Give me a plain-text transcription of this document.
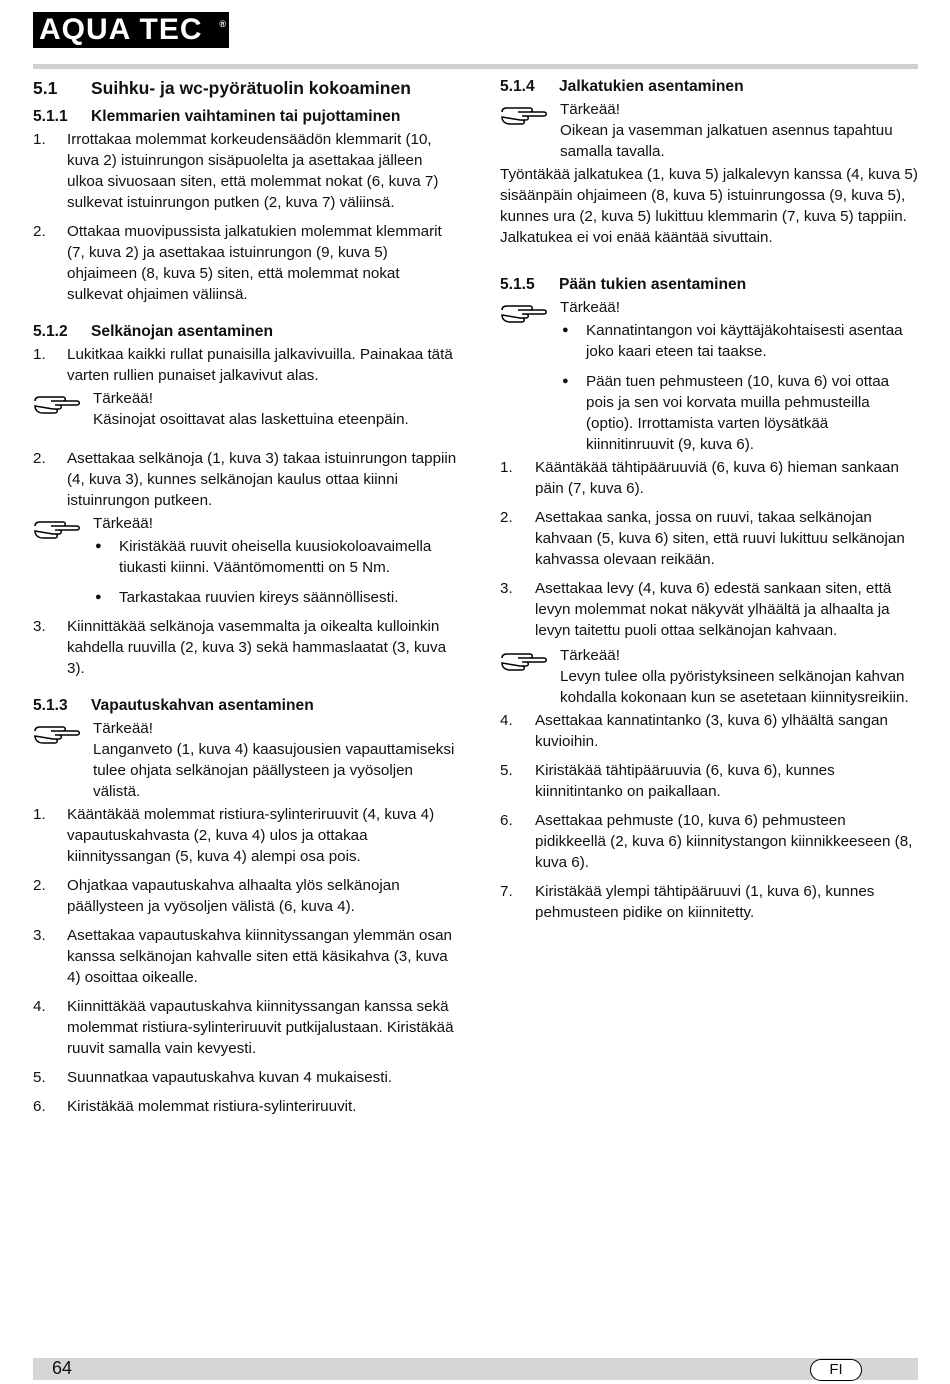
AQUA TEC ®
5.1	Suihku- ja wc-pyörätuolin kokoaminen
5.1.1	Klemmarien vaihtaminen tai pujottaminen
1.	Irrottakaa molemmat korkeudensäädön klemmarit (10, kuva 2) istuinrungon sisäpuolelta ja asettakaa jälleen ulkoa sivuosaan siten, että molemmat nokat (6, kuva 7) sulkevat istuinrungon putken (2, kuva 7) väliinsä.
2.	Ottakaa muovipussista jalkatukien molemmat klemmarit (7, kuva 2) ja asettakaa istuinrungon (9, kuva 5) ohjaimeen (8, kuva 5) siten, että molemmat nokat sulkevat ohjaimen väliinsä.
5.1.2	Selkänojan asentaminen
1.	Lukitkaa kaikki rullat punaisilla jalkavivuilla. Painakaa tätä varten rullien punaiset jalkavivut alas.
Tärkeää!
Käsinojat osoittavat alas laskettuina eteenpäin.
2.	Asettakaa selkänoja (1, kuva 3) takaa istuinrungon tappiin (4, kuva 3), kunnes selkänojan kaulus ottaa kiinni istuinrungon putkeen.
Tärkeää!
●	Kiristäkää ruuvit oheisella kuusiokoloavaimella tiukasti kiinni. Vääntömomentti on 5 Nm.
●	Tarkastakaa ruuvien kireys säännöllisesti.
3.	Kiinnittäkää selkänoja vasemmalta ja oikealta kulloinkin kahdella ruuvilla (2, kuva 3) sekä hammaslaatat (3, kuva 3).
5.1.3	Vapautuskahvan asentaminen
Tärkeää!
Langanveto (1, kuva 4) kaasujousien vapauttamiseksi tulee ohjata selkänojan päällysteen ja vyösoljen välistä.
1.	Kääntäkää molemmat ristiura-sylinteriruuvit (4, kuva 4) vapautuskahvasta (2, kuva 4) ulos ja ottakaa kiinnityssangan (5, kuva 4) alempi osa pois.
2.	Ohjatkaa vapautuskahva alhaalta ylös selkänojan päällysteen ja vyösoljen välistä (6, kuva 4).
3.	Asettakaa vapautuskahva kiinnityssangan ylemmän osan kanssa selkänojan kahvalle siten että käsikahva (3, kuva 4) osoittaa oikealle.
4.	Kiinnittäkää vapautuskahva kiinnityssangan kanssa sekä molemmat ristiura-sylinteriruuvit putkijalustaan. Kiristäkää ruuvit samalla vain kevyesti.
5.	Suunnatkaa vapautuskahva kuvan 4 mukaisesti.
6.	Kiristäkää molemmat ristiura-sylinteriruuvit.
5.1.4	Jalkatukien asentaminen
Tärkeää!
Oikean ja vasemman jalkatuen asennus tapahtuu samalla tavalla.
Työntäkää jalkatukea (1, kuva 5) jalkalevyn kanssa (4, kuva 5) sisäänpäin ohjaimeen (8, kuva 5) istuinrungossa (9, kuva 5), kunnes ura (2, kuva 5) lukittuu klemmarin (7, kuva 5) tappiin. Jalkatukea ei voi enää kääntää sivuttain.
5.1.5	Pään tukien asentaminen
Tärkeää!
●	Kannatintangon voi käyttäjäkohtaisesti asentaa joko kaari eteen tai taakse.
●	Pään tuen pehmusteen (10, kuva 6) voi ottaa pois ja sen voi korvata muilla pehmusteilla (optio). Irrottamista varten löysätkää kiinnitinruuvit (9, kuva 6).
1.	Kääntäkää tähtipääruuviä (6, kuva 6) hieman sankaan päin (7, kuva 6).
2.	Asettakaa sanka, jossa on ruuvi, takaa selkänojan kahvaan (5, kuva 6) siten, että ruuvi lukittuu selkänojan kahvassa olevaan reikään.
3.	Asettakaa levy (4, kuva 6) edestä sankaan siten, että levyn molemmat nokat näkyvät ylhäältä ja alhaalta ja levyn taitettu puoli ottaa selkänojan kahvaan.
Tärkeää!
Levyn tulee olla pyöristyksineen selkänojan kahvan kohdalla kokonaan kun se asetetaan kiinnitysreikiin.
4.	Asettakaa kannatintanko (3, kuva 6) ylhäältä sangan kuvioihin.
5.	Kiristäkää tähtipääruuvia (6, kuva 6), kunnes kiinnitintanko on paikallaan.
6.	Asettakaa pehmuste (10, kuva 6) pehmusteen pidikkeellä (2, kuva 6) kiinnitystangon kiinnikkeeseen (8, kuva 6).
7.	Kiristäkää ylempi tähtipääruuvi (1, kuva 6), kunnes pehmusteen pidike on kiinnitetty.
64	FI
